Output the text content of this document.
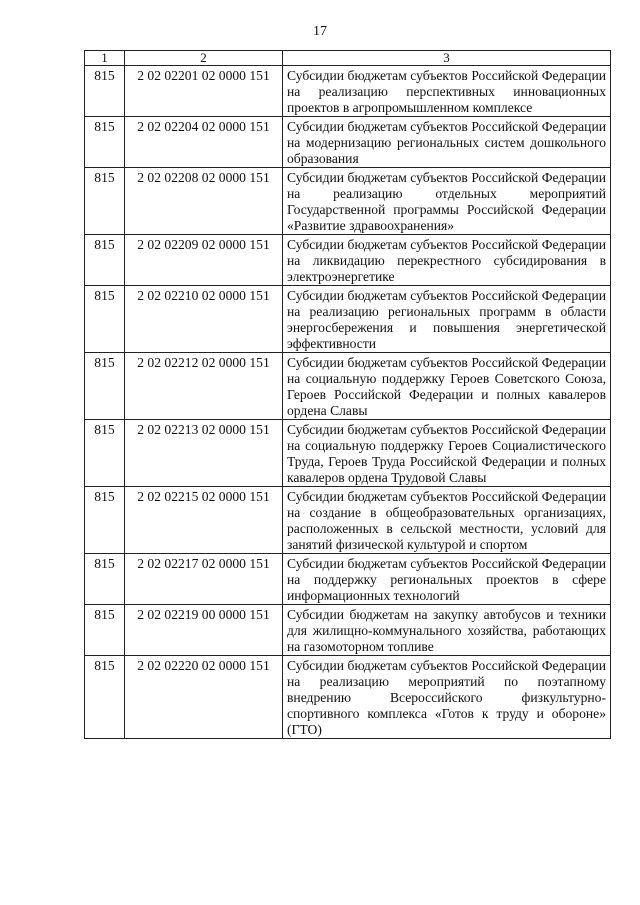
17
1	2	3
815	2 02 02201 02 0000 151	Субсидии бюджетам субъектов Российской Федерации на реализацию перспективных инновационных проектов в агропромышленном комплексе
815	2 02 02204 02 0000 151	Субсидии бюджетам субъектов Российской Федерации на модернизацию региональных систем дошкольного образования
815	2 02 02208 02 0000 151	Субсидии бюджетам субъектов Российской Федерации на реализацию отдельных мероприятий Государственной программы Российской Федерации «Развитие здравоохранения»
815	2 02 02209 02 0000 151	Субсидии бюджетам субъектов Российской Федерации на ликвидацию перекрестного субсидирования в электроэнергетике
815	2 02 02210 02 0000 151	Субсидии бюджетам субъектов Российской Федерации на реализацию региональных программ в области энергосбережения и повышения энергетической эффективности
815	2 02 02212 02 0000 151	Субсидии бюджетам субъектов Российской Федерации на социальную поддержку Героев Советского Союза, Героев Российской Федерации и полных кавалеров ордена Славы
815	2 02 02213 02 0000 151	Субсидии бюджетам субъектов Российской Федерации на социальную поддержку Героев Социалистического Труда, Героев Труда Российской Федерации и полных кавалеров ордена Трудовой Славы
815	2 02 02215 02 0000 151	Субсидии бюджетам субъектов Российской Федерации на создание в общеобразовательных организациях, расположенных в сельской местности, условий для занятий физической культурой и спортом
815	2 02 02217 02 0000 151	Субсидии бюджетам субъектов Российской Федерации на поддержку региональных проектов в сфере информационных технологий
815	2 02 02219 00 0000 151	Субсидии бюджетам на закупку автобусов и техники для жилищно-коммунального хозяйства, работающих на газомоторном топливе
815	2 02 02220 02 0000 151	Субсидии бюджетам субъектов Российской Федерации на реализацию мероприятий по поэтапному внедрению Всероссийского физкультурно-спортивного комплекса «Готов к труду и обороне» (ГТО)
